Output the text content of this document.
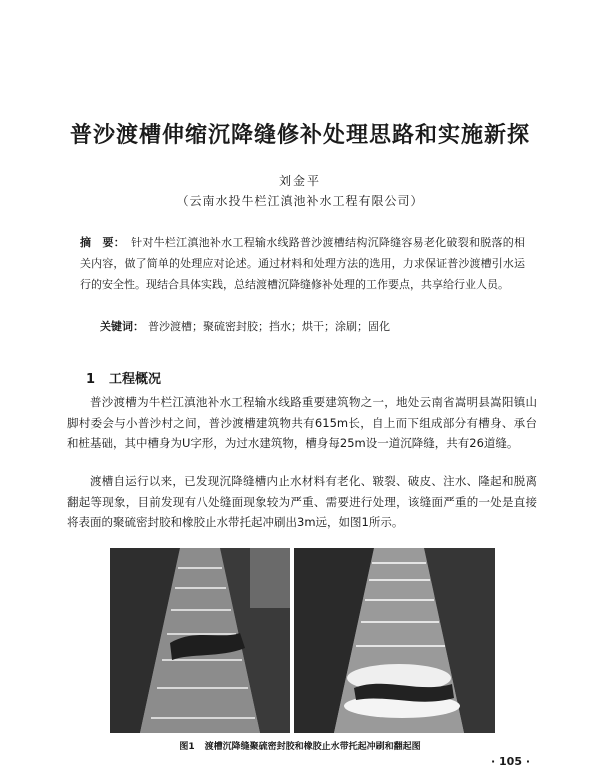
普沙渡槽伸缩沉降缝修补处理思路和实施新探
刘金平
（云南水投牛栏江滇池补水工程有限公司）
摘　要： 针对牛栏江滇池补水工程输水线路普沙渡槽结构沉降缝容易老化破裂和脱落的相关内容，做了简单的处理应对论述。通过材料和处理方法的选用，力求保证普沙渡槽引水运行的安全性。现结合具体实践，总结渡槽沉降缝修补处理的工作要点，共享给行业人员。
关键词： 普沙渡槽；聚硫密封胶；挡水；烘干；涂刷；固化
1 工程概况

普沙渡槽为牛栏江滇池补水工程输水线路重要建筑物之一，地处云南省嵩明县嵩阳镇山脚村委会与小普沙村之间，普沙渡槽建筑物共有615m长，自上而下组成部分有槽身、承台和桩基础，其中槽身为U字形，为过水建筑物，槽身每25m设一道沉降缝，共有26道缝。

渡槽自运行以来，已发现沉降缝槽内止水材料有老化、皲裂、破皮、注水、隆起和脱离翻起等现象，目前发现有八处缝面现象较为严重、需要进行处理，该缝面严重的一处是直接将表面的聚硫密封胶和橡胶止水带托起冲刷出3m远，如图1所示。

图1 渡槽沉降缝聚硫密封胶和橡胶止水带托起冲刷和翻起图
· 105 ·
